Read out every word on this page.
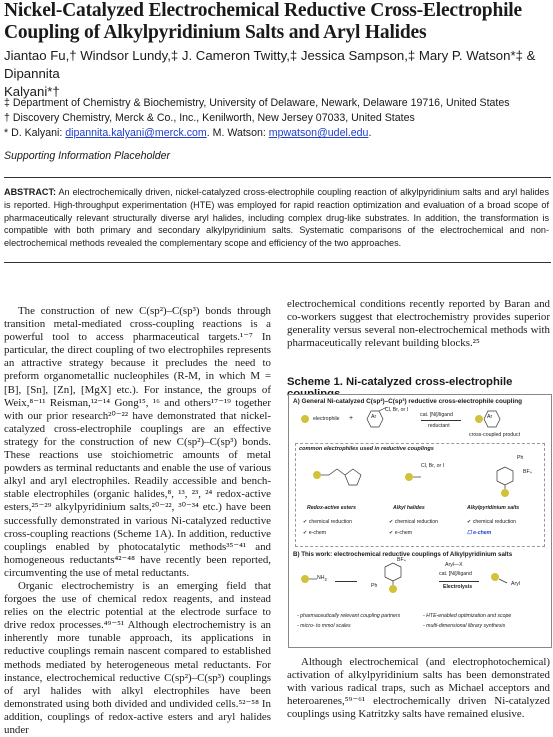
Nickel-Catalyzed Electrochemical Reductive Cross-Electrophile
Coupling of Alkylpyridinium Salts and Aryl Halides
Jiantao Fu,† Windsor Lundy,‡ J. Cameron Twitty,‡ Jessica Sampson,‡ Mary P. Watson*‡ & Dipannita
Kalyani*†
‡ Department of Chemistry & Biochemistry, University of Delaware, Newark, Delaware 19716, United States
† Discovery Chemistry, Merck & Co., Inc., Kenilworth, New Jersey 07033, United States
* D. Kalyani: dipannita.kalyani@merck.com. M. Watson: mpwatson@udel.edu.
Supporting Information Placeholder
ABSTRACT: An electrochemically driven, nickel-catalyzed cross-electrophile coupling reaction of alkylpyridinium salts and aryl halides is reported. High-throughput experimentation (HTE) was employed for rapid reaction optimization and evaluation of a broad scope of pharmaceutically relevant structurally diverse aryl halides, including complex drug-like substrates. In addition, the transformation is compatible with both primary and secondary alkylpyridinium salts. Systematic comparisons of the electrochemical and non-electrochemical methods revealed the complementary scope and efficiency of the two approaches.

The construction of new C(sp²)–C(sp³) bonds through transition metal-mediated cross-coupling reactions is a powerful tool to access pharmaceutical targets.¹⁻⁷ In particular, the direct coupling of two electrophiles represents an attractive strategy because it precludes the need to preform organometallic nucleophiles (R-M, in which M = [B], [Sn], [Zn], [MgX] etc.). For instance, the groups of Weix,⁸⁻¹¹ Reisman,¹²⁻¹⁴ Gong¹⁵, ¹⁶ and others¹⁷⁻¹⁹ together with our prior research²⁰⁻²² have demonstrated that nickel-catalyzed cross-electrophile couplings are an effective strategy for the construction of new C(sp²)–C(sp³) bonds. These reactions use stoichiometric amounts of metal powders as terminal reductants and enable the use of various alkyl and aryl electrophiles. Readily accessible and bench-stable electrophiles (organic halides,⁸, ¹³, ²³, ²⁴ redox-active esters,²⁵⁻²⁹ alkylpyridinium salts,²⁰⁻²², ³⁰⁻³⁴ etc.) have been successfully demonstrated in various Ni-catalyzed reductive cross-coupling reactions (Scheme 1A). In addition, reductive couplings enabled by photocatalytic methods³⁵⁻⁴¹ and homogeneous reductants⁴²⁻⁴⁸ have recently been reported, circumventing the use of metal reductants.

Organic electrochemistry is an emerging field that forgoes the use of chemical redox reagents, and instead relies on the electric potential at the electrode surface to drive redox processes.⁴⁹⁻⁵¹ Although electrochemistry is an inherently more tunable approach, its applications in reductive couplings remain nascent compared to established methods mediated by heterogeneous metal reductants. For instance, electrochemical reductive C(sp²)–C(sp³) couplings of aryl halides with alkyl electrophiles have been demonstrated using both divided and undivided cells.⁵²⁻⁵⁸ In addition, couplings of redox-active esters and aryl halides under

electrochemical conditions recently reported by Baran and co-workers suggest that electrochemistry provides superior generality versus several non-electrochemical methods with pharmaceutically relevant building blocks.²⁵

Scheme 1. Ni-catalyzed cross-electrophile
A) General Ni-catalyzed C(sp²)–C(sp³) reductive cross-electrophile coupling
electrophile +	Ar
Cl, Br, or I
cat. [Ni]/ligand
reductant
Ar
cross-coupled product
common electrophiles used in reductive couplings
Cl, Br, or I
Ph
BF₄
Redox-active esters	Alkyl halides	Alkylpyridinium salts
✔ chemical reduction
✔ e-chem
✔ chemical reduction
✔ e-chem
✔ chemical reduction
☐ e-chem
B) This work: electrochemical reductive couplings of Alkylpyridinium salts
$NH_2$
BF₄
Ph
Aryl—X
cat. [Ni]/ligand
Electrolysis	Aryl
- pharmaceutically relevant coupling partners
- micro- to mmol scales
- HTE-enabled optimization and scope
- multi-dimensional library synthesis

Although electrochemical (and electrophotochemical) activation of alkylpyridinium salts has been demonstrated with various radical traps, such as Michael acceptors and heteroarenes,⁵⁹⁻⁶¹ electrochemically driven Ni-catalyzed couplings using Katritzky salts have remained elusive.
